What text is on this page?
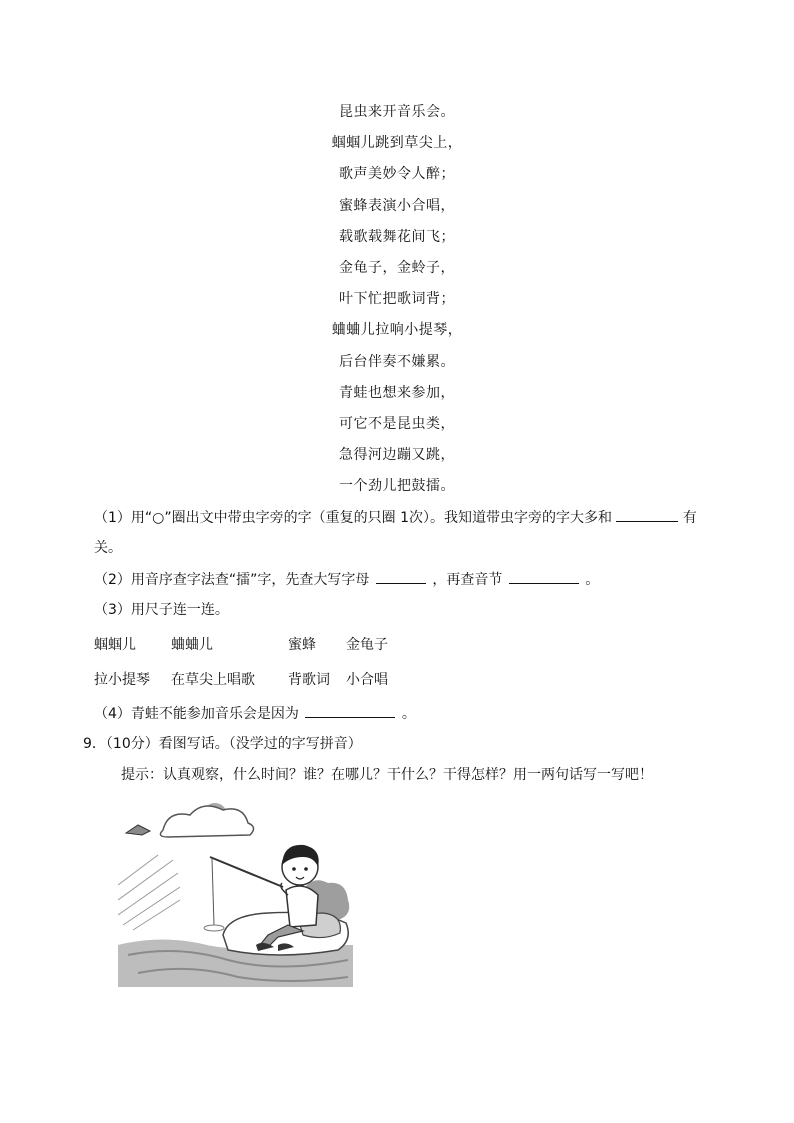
昆虫来开音乐会。
蝈蝈儿跳到草尖上，
歌声美妙令人醉；
蜜蜂表演小合唱，
载歌载舞花间飞；
金龟子，金蛉子，
叶下忙把歌词背；
蛐蛐儿拉响小提琴，
后台伴奏不嫌累。
青蛙也想来参加，
可它不是昆虫类，
急得河边蹦又跳，
一个劲儿把鼓擂。
（1）用“○”圈出文中带虫字旁的字（重复的只圈 1次）。我知道带虫字旁的字大多和	有
关。
（2）用音序查字法查“擂”字，先查大写字母	，再查音节	。
（3）用尺子连一连。
蝈蝈儿	蛐蛐儿	蜜蜂 金龟子
拉小提琴 在草尖上唱歌 背歌词 小合唱
（4）青蛙不能参加音乐会是因为	。
9．（10分）看图写话。（没学过的字写拼音）
提示：认真观察，什么时间？谁？在哪儿？干什么？干得怎样？用一两句话写一写吧！
